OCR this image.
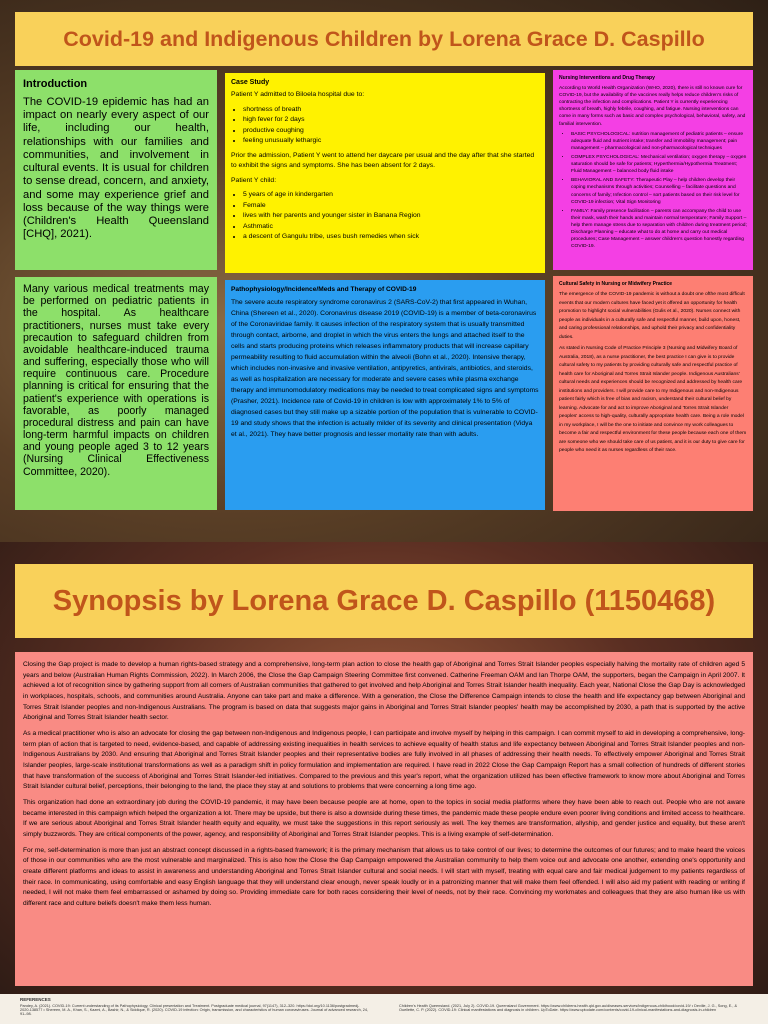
Covid-19 and Indigenous Children by Lorena Grace D. Caspillo
Introduction

The COVID-19 epidemic has had an impact on nearly every aspect of our life, including our health, relationships with our families and communities, and involvement in cultural events. It is usual for children to sense dread, concern, and anxiety, and some may experience grief and loss because of the way things were (Children's Health Queensland [CHQ], 2021).

Many various medical treatments may be performed on pediatric patients in the hospital. As healthcare practitioners, nurses must take every precaution to safeguard children from avoidable healthcare-induced trauma and suffering, especially those who will require continuous care. Procedure planning is critical for ensuring that the patient's experience with operations is favorable, as poorly managed procedural distress and pain can have long-term harmful impacts on children and young people aged 3 to 12 years (Nursing Clinical Effectiveness Committee, 2020).

Case Study

Patient Y admitted to Biloela hospital due to:

• shortness of breath
• high fever for 2 days
• productive coughing
• feeling unusually lethargic

Prior the admission, Patient Y went to attend her daycare per usual and the day after that she started to exhibit the signs and symptoms. She has been absent for 2 days.

Patient Y child:

• 5 years of age in kindergarten
• Female
• lives with her parents and younger sister in Banana Region
• Asthmatic
• a descent of Gangulu tribe, uses bush remedies when sick
Pathophysiology/Incidence/Meds and Therapy of COVID-19

The severe acute respiratory syndrome coronavirus 2 (SARS-CoV-2) that first appeared in Wuhan, China (Shereen et al., 2020). Coronavirus disease 2019 (COVID-19) is a member of beta-coronavirus of the Coronaviridae family. It causes infection of the respiratory system that is usually transmitted through contact, airborne, and droplet in which the virus enters the lungs and attached itself to the cells and starts producing proteins which releases inflammatory products that will increase capillary permeability resulting to fluid accumulation within the alveoli (Bohn et al., 2020). Intensive therapy, which includes non-invasive and invasive ventilation, antipyretics, antivirals, antibiotics, and steroids, as well as hospitalization are necessary for moderate and severe cases while plasma exchange therapy and immunomodulatory medications may be needed to treat complicated signs and symptoms (Prasher, 2021). Incidence rate of Covid-19 in children is low with approximately 1% to 5% of diagnosed cases but they still make up a sizable portion of the population that is vulnerable to COVID-19 and study shows that the infection is actually milder of its severity and clinical presentation (Vidya et al., 2021). They have better prognosis and lesser mortality rate than with adults.

Nursing Interventions and Drug Therapy

According to World Health Organization (WHO, 2020), there is still no known cure for COVID-19, but the availability of the vaccines really helps reduce children's risks of contracting the infection and complications. Patient Y is currently experiencing shortness of breath, highly febrile, coughing, and fatigue. Nursing interventions can come in many forms such as basic and complex psychological, behavioral, safety, and familial intervention.

• BASIC PSYCHOLOGICAL: nutrition management of pediatric patients – ensure adequate fluid and nutrient intake; transfer and immobility management; pain management – pharmacological and non-pharmacological techniques
• COMPLEX PSYCHOLOGICAL: Mechanical ventilation; oxygen therapy – oxygen saturation should be safe for patients; Hyperthermia/Hypothermia Treatment; Fluid Management – balanced body fluid intake
• BEHAVIORAL AND SAFETY: Therapeutic Play – help children develop their coping mechanisms through activities; Counselling – facilitate questions and concerns of family; Infection control – sort patients based on their risk level for COVID-19 infection; Vital Sign Monitoring
• FAMILY: Family presence facilitation – parents can accompany the child to use their mask, wash their hands and maintain normal temperature; Family Support – help them manage stress due to separation with children during treatment period; Discharge Planning – educate what to do at home and carry out medical procedures; Case Management – answer children's question honestly regarding COVID-19.
Cultural Safety in Nursing or Midwifery Practice

The emergence of the COVID-19 pandemic is without a doubt one ofthe most difficult events that our modern cultures have faced yet it offered an opportunity for health promotion to highlight social vulnerabilities (Gulis et al., 2020). Nurses connect with people as individuals in a culturally safe and respectful manner, build upon, honest, and caring professional relationships, and uphold their privacy and confidentiality duties.

As stated in Nursing Code of Practice Principle 3 (Nursing and Midwifery Board of Australia, 2018), as a nurse practitioner, the best practice I can give is to provide cultural safety to my patients by providing culturally safe and respectful practice of health care for Aboriginal and Torres Strait Islander people. Indigenous Australians' cultural needs and experiences should be recognized and addressed by health care institutions and providers. I will provide care to my Indigenous and non-Indigenous patient fairly which is free of bias and racism, understand their cultural belief by learning. Advocate for and act to improve Aboriginal and Torres Strait Islander peoples' access to high-quality, culturally appropriate health care. Being a role model in my workplace, I will be the one to initiate and convince my work colleagues to become a fair and respectful environment for these people because each one of them are someone who we should take care of us patient, and it is our duty to give care for people who need it as nurses regardless of their race.

Synopsis by Lorena Grace D. Caspillo (1150468)

Closing the Gap project is made to develop a human rights-based strategy and a comprehensive, long-term plan action to close the health gap of Aboriginal and Torres Strait Islander peoples especially halving the mortality rate of children aged 5 years and below (Australian Human Rights Commission, 2022). In March 2006, the Close the Gap Campaign Steering Committee first convened. Catherine Freeman OAM and Ian Thorpe OAM, the supporters, began the Campaign in April 2007. It achieved a lot of recognition since by gathering support from all corners of Australian communities that gathered to get involved and help Aboriginal and Torres Strait Islander health inequality. Each year, National Close the Gap Day is acknowledged in workplaces, hospitals, schools, and communities around Australia. Anyone can take part and make a difference. With a generation, the Close the Difference Campaign intends to close the health and life expectancy gap between Aboriginal and Torres Strait Islander peoples and non-Indigenous Australians. The program is based on data that suggests major gains in Aboriginal and Torres Strait Islander peoples' health may be accomplished by 2030, a path that is supported by the active Aboriginal and Torres Strait Islander health sector.

As a medical practitioner who is also an advocate for closing the gap between non-Indigenous and Indigenous people, I can participate and involve myself by helping in this campaign. I can commit myself to aid in developing a comprehensive, long-term plan of action that is targeted to need, evidence-based, and capable of addressing existing inequalities in health services to achieve equality of health status and life expectancy between Aboriginal and Torres Strait Islander peoples and non-Indigenous Australians by 2030. And ensuring that Aboriginal and Torres Strait Islander peoples and their representative bodies are fully involved in all phases of addressing their health needs. To effectively empower Aboriginal and Torres Strait Islander peoples, large-scale institutional transformations as well as a paradigm shift in policy formulation and implementation are required. I have read in 2022 Close the Gap Campaign Report has a small collection of hundreds of different stories that have transformation of the success of Aboriginal and Torres Strait Islander-led initiatives. Compared to the previous and this year's report, what the organization utilized has been effective framework to know more about Aboriginal and Torres Strait Islander cultural belief, perceptions, their belonging to the land, the place they stay at and solutions to problems that were concerning a long time ago.

This organization had done an extraordinary job during the COVID-19 pandemic, it may have been because people are at home, open to the topics in social media platforms where they have been able to reach out. People who are not aware became interested in this campaign which helped the organization a lot. There may be upside, but there is also a downside during these times, the pandemic made these people endure even poorer living conditions and limited access to healthcare. If we are serious about Aboriginal and Torres Strait Islander health equity and equality, we must take the suggestions in this report seriously as well. The key themes are transformation, allyship, and gender justice and equality, but these aren't simply buzzwords. They are critical components of the power, agency, and responsibility of Aboriginal and Torres Strait Islander peoples. This is a living example of self-determination.

For me, self-determination is more than just an abstract concept discussed in a rights-based framework; it is the primary mechanism that allows us to take control of our lives; to determine the outcomes of our futures; and to make heard the voices of those in our communities who are the most vulnerable and marginalized. This is also how the Close the Gap Campaign empowered the Australian community to help them voice out and advocate one another, extending one's opportunity and create different platforms and ideas to assist in awareness and understanding Aboriginal and Torres Strait Islander cultural and social needs. I will start with myself, treating with equal care and fair medical judgement to my patients regardless of their race. In communicating, using comfortable and easy English language that they will understand clear enough, never speak loudly or in a patronizing manner that will make them feel offended. I will also aid my patient with reading or writing if needed, I will not make them feel embarrassed or ashamed by doing so. Providing immediate care for both races considering their level of needs, not by their race. Convincing my workmates and colleagues that they are also human like us with different race and culture beliefs doesn't make them less human.

REFERENCES
Pandey, A. (2021). COVID-19: Current understanding of its Pathophysiology, Clinical presentation and Treatment. Postgraduate medical journal, 97(1147), 312–320. https://doi.org/10.1136/postgradmedj-2020-138577 • Shereen, M. A., Khan, S., Kazmi, A., Bashir, N., & Siddique, R. (2020). COVID-19 infection: Origin, transmission, and characteristics of human coronaviruses. Journal of advanced research, 24, 91–98.
Children's Health Queensland. (2021, July 2). COVID-19. Queensland Government. https://www.childrens.health.qld.gov.au/diseases-services/indigenous-childhood/covid-19/ • Deville, J. G., Song, E., & Ouellette, C. P. (2022). COVID-19: Clinical manifestations and diagnosis in children. UpToDate. https://www.uptodate.com/contents/covid-19-clinical-manifestations-and-diagnosis-in-children
